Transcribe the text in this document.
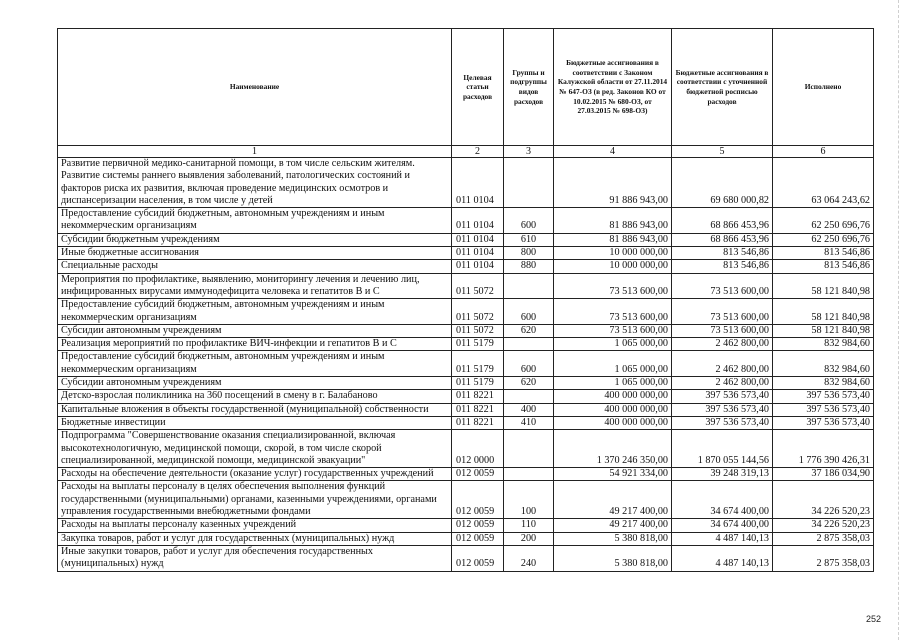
Наименование	Целевая статьи расходов	Группы и подгруппы видов расходов	Бюджетные ассигнования в соответствии с Законом Калужской области от 27.11.2014 № 647-ОЗ (в ред. Законов КО от 10.02.2015 № 680-ОЗ, от 27.03.2015 № 698-ОЗ)	Бюджетные ассигнования в соответствии с уточненной бюджетной росписью расходов	Исполнено
1	2	3	4	5	6
Развитие первичной медико-санитарной помощи, в том числе сельским жителям. Развитие системы раннего выявления заболеваний, патологических состояний и факторов риска их развития, включая проведение медицинских осмотров и диспансеризации населения, в том числе у детей	011 0104		91 886 943,00	69 680 000,82	63 064 243,62
Предоставление субсидий бюджетным, автономным учреждениям и иным некоммерческим организациям	011 0104	600	81 886 943,00	68 866 453,96	62 250 696,76
Субсидии бюджетным учреждениям	011 0104	610	81 886 943,00	68 866 453,96	62 250 696,76
Иные бюджетные ассигнования	011 0104	800	10 000 000,00	813 546,86	813 546,86
Специальные расходы	011 0104	880	10 000 000,00	813 546,86	813 546,86
Мероприятия по профилактике, выявлению, мониторингу лечения и лечению лиц, инфицированных вирусами иммунодефицита человека и гепатитов В и С	011 5072		73 513 600,00	73 513 600,00	58 121 840,98
Предоставление субсидий бюджетным, автономным учреждениям и иным некоммерческим организациям	011 5072	600	73 513 600,00	73 513 600,00	58 121 840,98
Субсидии автономным учреждениям	011 5072	620	73 513 600,00	73 513 600,00	58 121 840,98
Реализация мероприятий по профилактике ВИЧ-инфекции и гепатитов В и С	011 5179		1 065 000,00	2 462 800,00	832 984,60
Предоставление субсидий бюджетным, автономным учреждениям и иным некоммерческим организациям	011 5179	600	1 065 000,00	2 462 800,00	832 984,60
Субсидии автономным учреждениям	011 5179	620	1 065 000,00	2 462 800,00	832 984,60
Детско-взрослая поликлиника на 360 посещений в смену в г. Балабаново	011 8221		400 000 000,00	397 536 573,40	397 536 573,40
Капитальные вложения в объекты государственной (муниципальной) собственности	011 8221	400	400 000 000,00	397 536 573,40	397 536 573,40
Бюджетные инвестиции	011 8221	410	400 000 000,00	397 536 573,40	397 536 573,40
Подпрограмма "Совершенствование оказания специализированной, включая высокотехнологичную, медицинской помощи, скорой, в том числе скорой специализированной, медицинской помощи, медицинской эвакуации"	012 0000		1 370 246 350,00	1 870 055 144,56	1 776 390 426,31
Расходы на обеспечение деятельности (оказание услуг) государственных учреждений	012 0059		54 921 334,00	39 248 319,13	37 186 034,90
Расходы на выплаты персоналу в целях обеспечения выполнения функций государственными (муниципальными) органами, казенными учреждениями, органами управления государственными внебюджетными фондами	012 0059	100	49 217 400,00	34 674 400,00	34 226 520,23
Расходы на выплаты персоналу казенных учреждений	012 0059	110	49 217 400,00	34 674 400,00	34 226 520,23
Закупка товаров, работ и услуг для государственных (муниципальных) нужд	012 0059	200	5 380 818,00	4 487 140,13	2 875 358,03
Иные закупки товаров, работ и услуг для обеспечения государственных (муниципальных) нужд	012 0059	240	5 380 818,00	4 487 140,13	2 875 358,03
252
